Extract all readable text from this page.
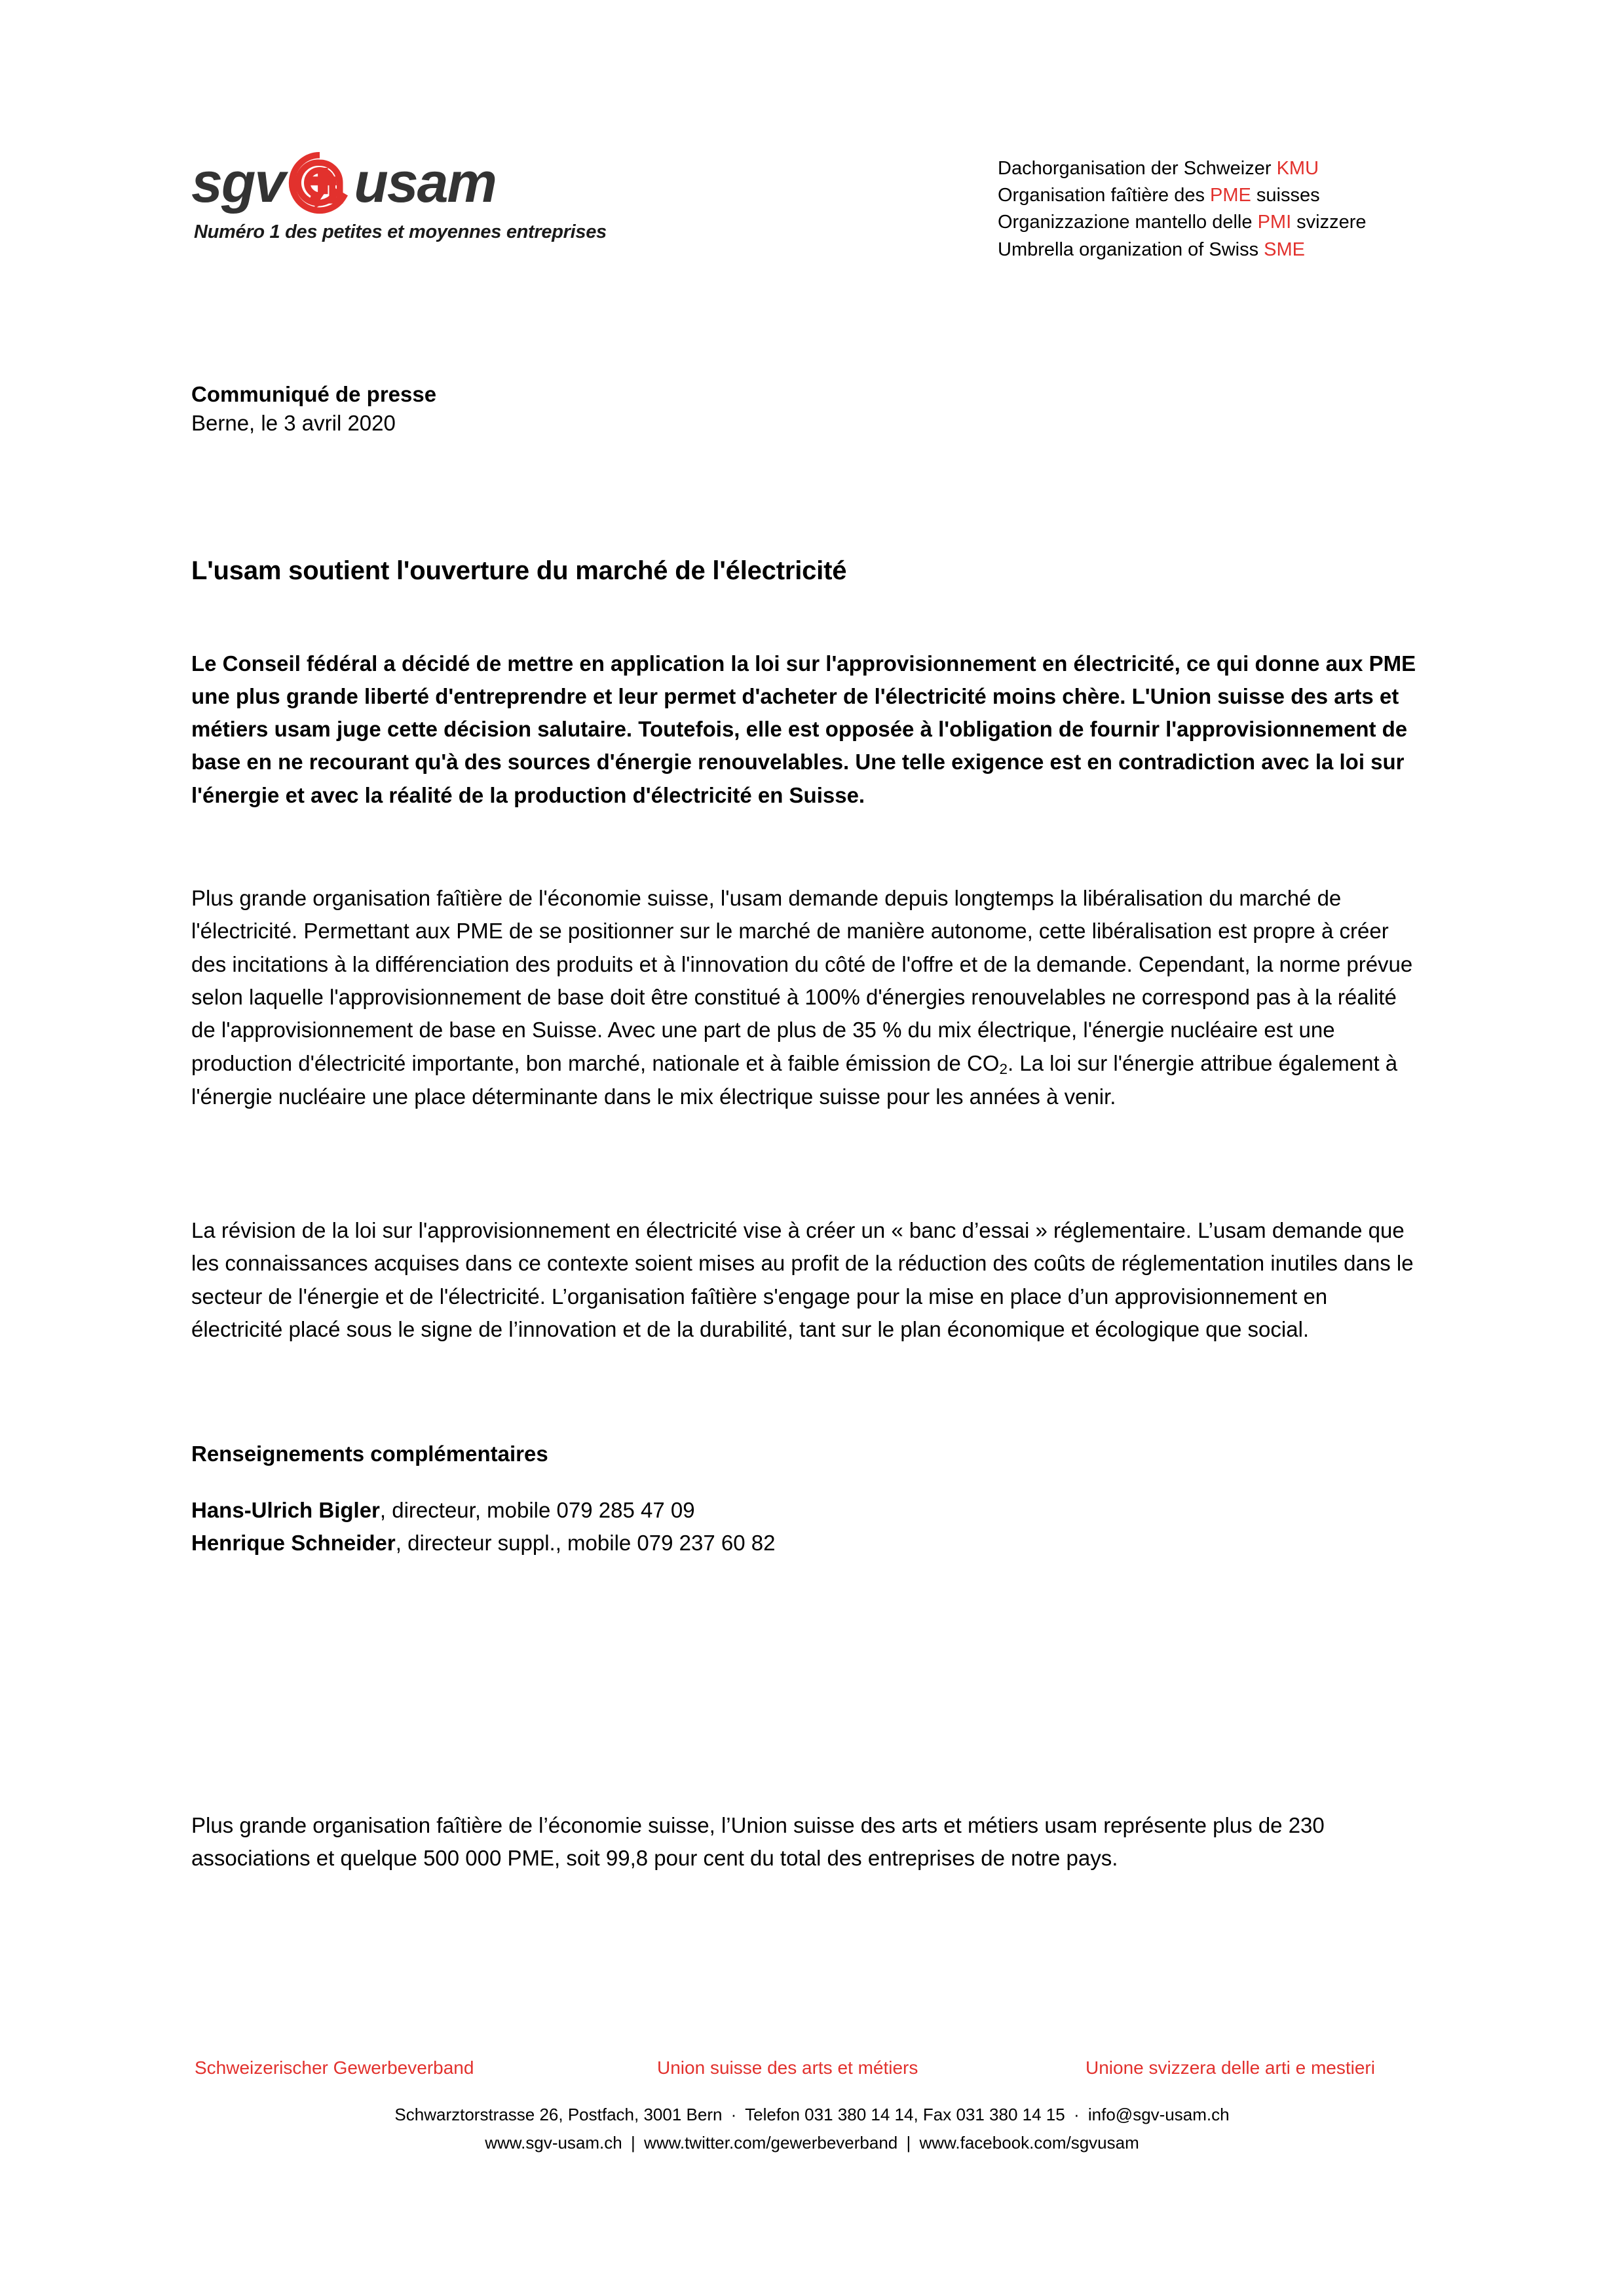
sgv usam
Numéro 1 des petites et moyennes entreprises
Dachorganisation der Schweizer KMU
Organisation faîtière des PME suisses
Organizzazione mantello delle PMI svizzere
Umbrella organization of Swiss SME
Communiqué de presse
Berne, le 3 avril 2020
L'usam soutient l'ouverture du marché de l'électricité

Le Conseil fédéral a décidé de mettre en application la loi sur l'approvisionnement en électricité, ce qui donne aux PME une plus grande liberté d'entreprendre et leur permet d'acheter de l'électricité moins chère. L'Union suisse des arts et métiers usam juge cette décision salutaire. Toutefois, elle est opposée à l'obligation de fournir l'approvisionnement de base en ne recourant qu'à des sources d'énergie renouvelables. Une telle exigence est en contradiction avec la loi sur l'énergie et avec la réalité de la production d'électricité en Suisse.

Plus grande organisation faîtière de l'économie suisse, l'usam demande depuis longtemps la libéralisation du marché de l'électricité. Permettant aux PME de se positionner sur le marché de manière autonome, cette libéralisation est propre à créer des incitations à la différenciation des produits et à l'innovation du côté de l'offre et de la demande. Cependant, la norme prévue selon laquelle l'approvisionnement de base doit être constitué à 100% d'énergies renouvelables ne correspond pas à la réalité de l'approvisionnement de base en Suisse. Avec une part de plus de 35 % du mix électrique, l'énergie nucléaire est une production d'électricité importante, bon marché, nationale et à faible émission de $CO_2$. La loi sur l'énergie attribue également à l'énergie nucléaire une place déterminante dans le mix électrique suisse pour les années à venir.

La révision de la loi sur l'approvisionnement en électricité vise à créer un « banc d’essai » réglementaire. L’usam demande que les connaissances acquises dans ce contexte soient mises au profit de la réduction des coûts de réglementation inutiles dans le secteur de l'énergie et de l'électricité. L’organisation faîtière s'engage pour la mise en place d’un approvisionnement en électricité placé sous le signe de l’innovation et de la durabilité, tant sur le plan économique et écologique que social.

Renseignements complémentaires
Hans-Ulrich Bigler, directeur, mobile 079 285 47 09
Henrique Schneider, directeur suppl., mobile 079 237 60 82

Plus grande organisation faîtière de l’économie suisse, l’Union suisse des arts et métiers usam représente plus de 230 associations et quelque 500 000 PME, soit 99,8 pour cent du total des entreprises de notre pays.

Schweizerischer Gewerbeverband	Union suisse des arts et métiers	Unione svizzera delle arti e mestieri
Schwarztorstrasse 26, Postfach, 3001 Bern · Telefon 031 380 14 14, Fax 031 380 14 15 · info@sgv-usam.ch
www.sgv-usam.ch | www.twitter.com/gewerbeverband | www.facebook.com/sgvusam
